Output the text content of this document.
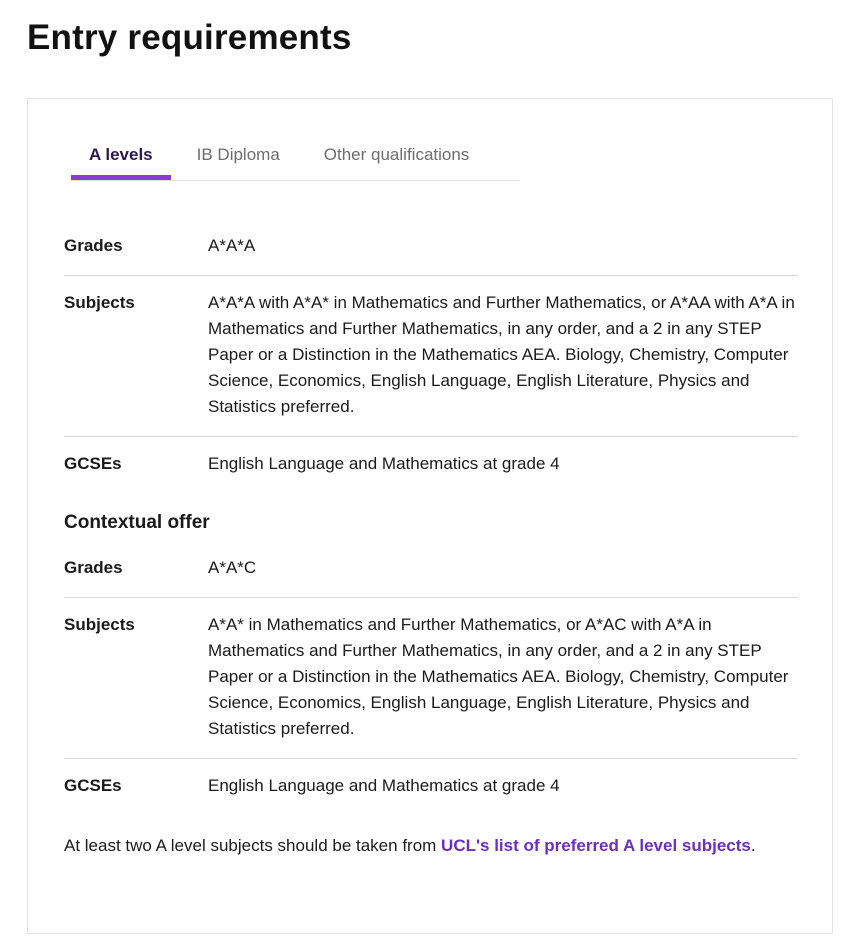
Entry requirements
A levels	IB Diploma	Other qualifications
Grades	A*A*A
Subjects	A*A*A with A*A* in Mathematics and Further Mathematics, or A*AA with A*A in Mathematics and Further Mathematics, in any order, and a 2 in any STEP Paper or a Distinction in the Mathematics AEA. Biology, Chemistry, Computer Science, Economics, English Language, English Literature, Physics and Statistics preferred.
GCSEs	English Language and Mathematics at grade 4
Contextual offer
Grades	A*A*C
Subjects	A*A* in Mathematics and Further Mathematics, or A*AC with A*A in Mathematics and Further Mathematics, in any order, and a 2 in any STEP Paper or a Distinction in the Mathematics AEA. Biology, Chemistry, Computer Science, Economics, English Language, English Literature, Physics and Statistics preferred.
GCSEs	English Language and Mathematics at grade 4

At least two A level subjects should be taken from UCL's list of preferred A level subjects.
